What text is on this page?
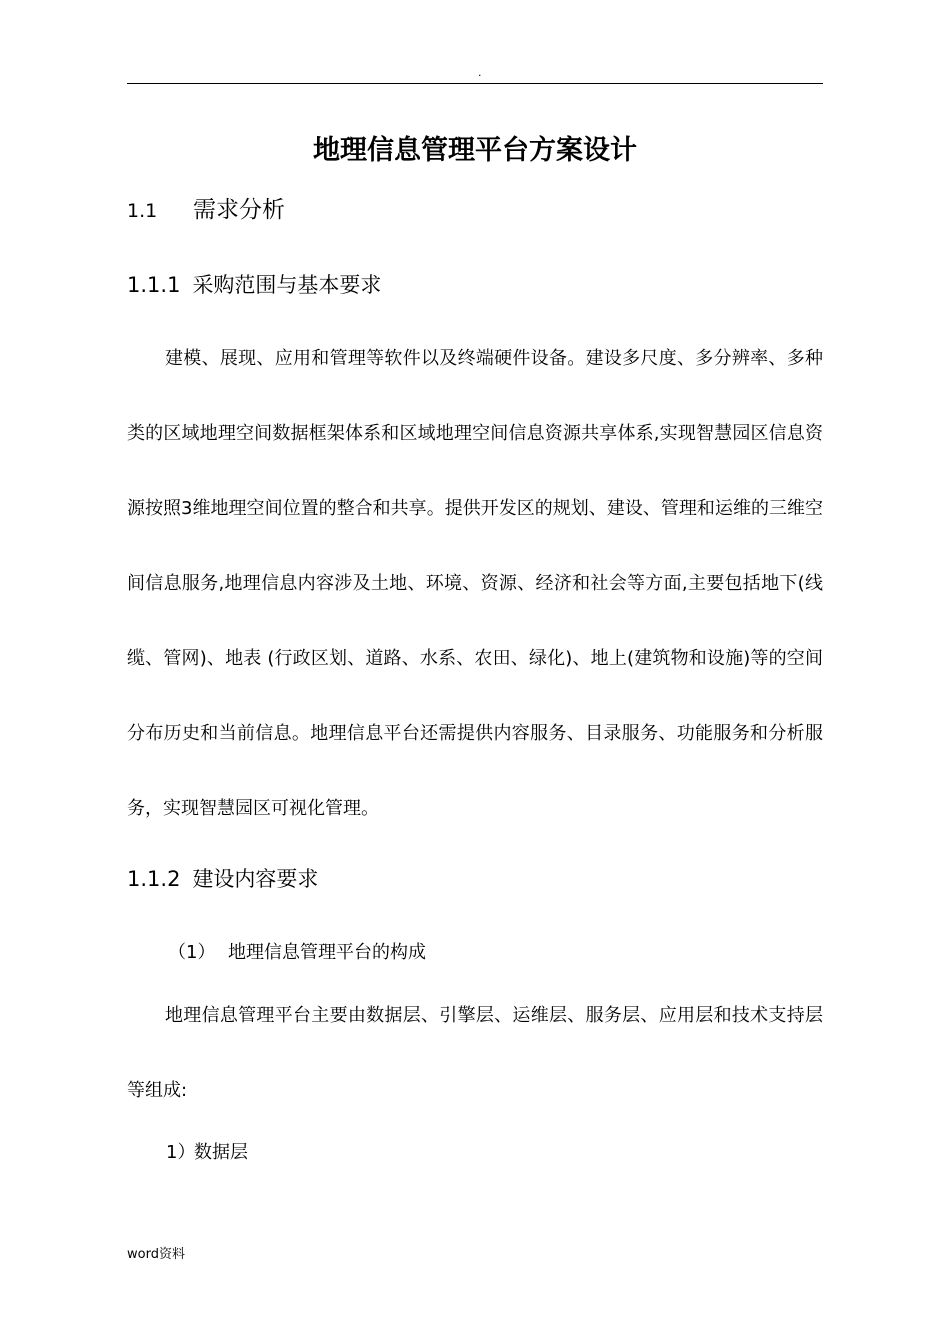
.
地理信息管理平台方案设计
1.1 需求分析
1.1.1 采购范围与基本要求
建模、展现、应用和管理等软件以及终端硬件设备。建设多尺度、多分辨率、多种类的区域地理空间数据框架体系和区域地理空间信息资源共享体系,实现智慧园区信息资源按照3维地理空间位置的整合和共享。提供开发区的规划、建设、管理和运维的三维空间信息服务,地理信息内容涉及土地、环境、资源、经济和社会等方面,主要包括地下(线缆、管网)、地表 (行政区划、道路、水系、农田、绿化)、地上(建筑物和设施)等的空间分布历史和当前信息。地理信息平台还需提供内容服务、目录服务、功能服务和分析服务，实现智慧园区可视化管理。
1.1.2 建设内容要求
（1） 地理信息管理平台的构成
地理信息管理平台主要由数据层、引擎层、运维层、服务层、应用层和技术支持层等组成:
1）数据层
word资料
